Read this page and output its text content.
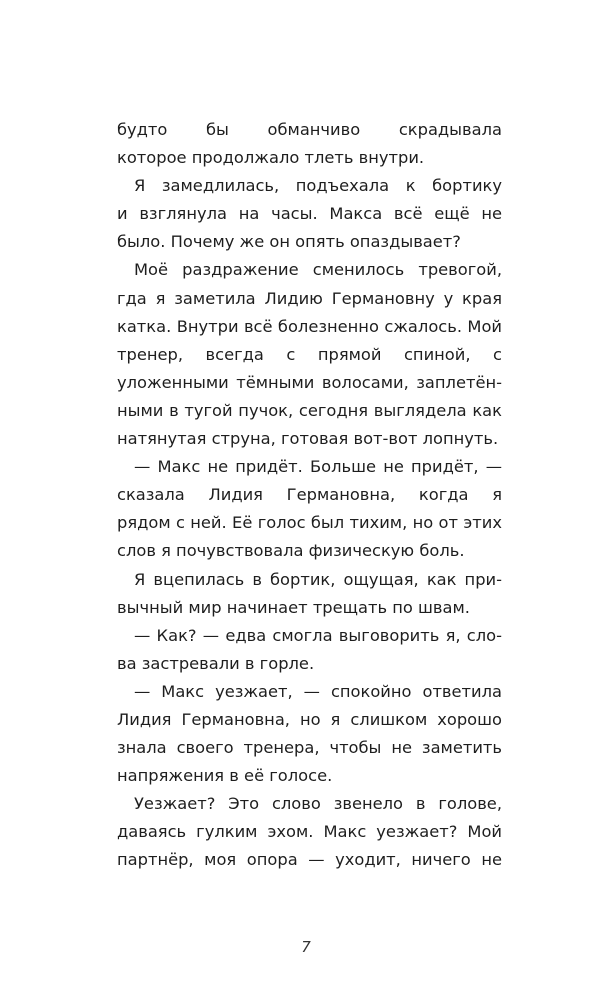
будто бы обманчиво скрадывала
которое продолжало тлеть внутри.
Я замедлилась, подъехала к бортику
и взглянула на часы. Макса всё ещё не
было. Почему же он опять опаздывает?
Моё раздражение сменилось тревогой,
гда я заметила Лидию Германовну у края
катка. Внутри всё болезненно сжалось. Мой
тренер, всегда с прямой спиной, с
уложенными тёмными волосами, заплетён-
ными в тугой пучок, сегодня выглядела как
натянутая струна, готовая вот-вот лопнуть.
— Макс не придёт. Больше не придёт, —
сказала Лидия Германовна, когда я
рядом с ней. Её голос был тихим, но от этих
слов я почувствовала физическую боль.
Я вцепилась в бортик, ощущая, как при-
вычный мир начинает трещать по швам.
— Как? — едва смогла выговорить я, сло-
ва застревали в горле.
— Макс уезжает, — спокойно ответила
Лидия Германовна, но я слишком хорошо
знала своего тренера, чтобы не заметить
напряжения в её голосе.
Уезжает? Это слово звенело в голове,
даваясь гулким эхом. Макс уезжает? Мой
партнёр, моя опора — уходит, ничего не
7
